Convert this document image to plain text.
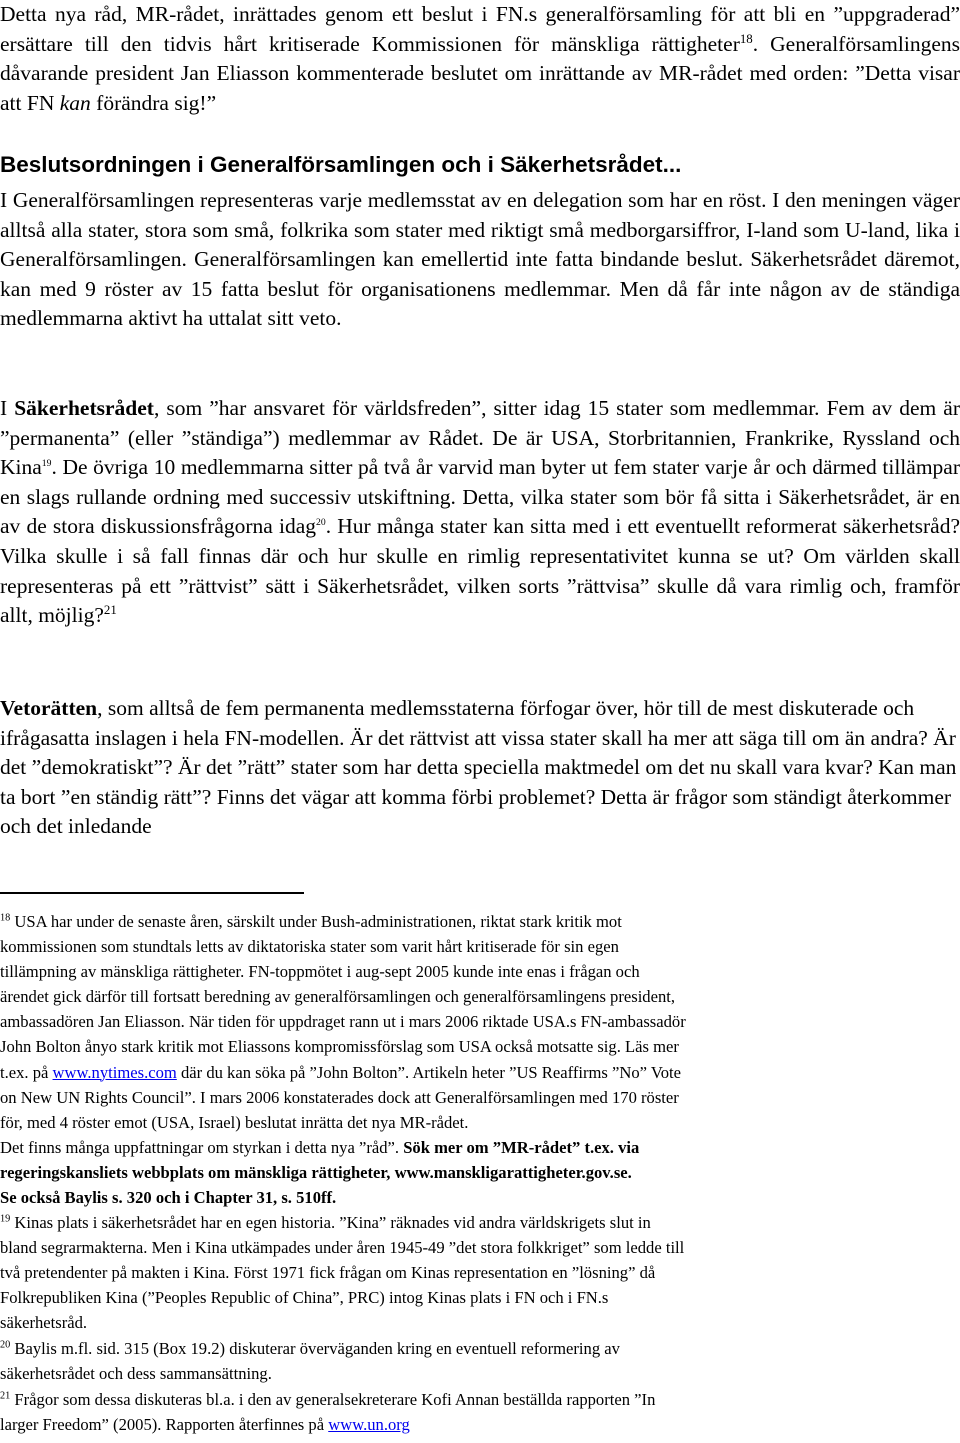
Detta nya råd, MR-rådet, inrättades genom ett beslut i FN.s generalförsamling för att bli en ”uppgraderad” ersättare till den tidvis hårt kritiserade Kommissionen för mänskliga rättigheter$^{18}$. Generalförsamlingens dåvarande president Jan Eliasson kommenterade beslutet om inrättande av MR-rådet med orden: ”Detta visar att FN kan förändra sig!”

Beslutsordningen i Generalförsamlingen och i Säkerhetsrådet...

I Generalförsamlingen representeras varje medlemsstat av en delegation som har en röst. I den meningen väger alltså alla stater, stora som små, folkrika som stater med riktigt små medborgarsiffror, I-land som U-land, lika i Generalförsamlingen. Generalförsamlingen kan emellertid inte fatta bindande beslut. Säkerhetsrådet däremot, kan med 9 röster av 15 fatta beslut för organisationens medlemmar. Men då får inte någon av de ständiga medlemmarna aktivt ha uttalat sitt veto.

I Säkerhetsrådet, som ”har ansvaret för världsfreden”, sitter idag 15 stater som medlemmar. Fem av dem är ”permanenta” (eller ”ständiga”) medlemmar av Rådet. De är USA, Storbritannien, Frankrike, Ryssland och Kina$^{19}$. De övriga 10 medlemmarna sitter på två år varvid man byter ut fem stater varje år och därmed tillämpar en slags rullande ordning med successiv utskiftning. Detta, vilka stater som bör få sitta i Säkerhetsrådet, är en av de stora diskussionsfrågorna idag$^{20}$. Hur många stater kan sitta med i ett eventuellt reformerat säkerhetsråd? Vilka skulle i så fall finnas där och hur skulle en rimlig representativitet kunna se ut? Om världen skall representeras på ett ”rättvist” sätt i Säkerhetsrådet, vilken sorts ”rättvisa” skulle då vara rimlig och, framför allt, möjlig?$^{21}$

Vetorätten, som alltså de fem permanenta medlemsstaterna förfogar över, hör till de mest diskuterade och ifrågasatta inslagen i hela FN-modellen. Är det rättvist att vissa stater skall ha mer att säga till om än andra? Är det ”demokratiskt”? Är det ”rätt” stater som har detta speciella maktmedel om det nu skall vara kvar? Kan man ta bort ”en ständig rätt”? Finns det vägar att komma förbi problemet? Detta är frågor som ständigt återkommer och det inledande

$^{18}$ USA har under de senaste åren, särskilt under Bush-administrationen, riktat stark kritik mot
kommissionen som stundtals letts av diktatoriska stater som varit hårt kritiserade för sin egen
tillämpning av mänskliga rättigheter. FN-toppmötet i aug-sept 2005 kunde inte enas i frågan och
ärendet gick därför till fortsatt beredning av generalförsamlingen och generalförsamlingens president,
ambassadören Jan Eliasson. När tiden för uppdraget rann ut i mars 2006 riktade USA.s FN-ambassadör
John Bolton ånyo stark kritik mot Eliassons kompromissförslag som USA också motsatte sig. Läs mer
t.ex. på www.nytimes.com där du kan söka på ”John Bolton”. Artikeln heter ”US Reaffirms ”No” Vote
on New UN Rights Council”. I mars 2006 konstaterades dock att Generalförsamlingen med 170 röster
för, med 4 röster emot (USA, Israel) beslutat inrätta det nya MR-rådet.
Det finns många uppfattningar om styrkan i detta nya ”råd”. Sök mer om ”MR-rådet” t.ex. via
regeringskansliets webbplats om mänskliga rättigheter, www.manskligarattigheter.gov.se.
Se också Baylis s. 320 och i Chapter 31, s. 510ff.
$^{19}$ Kinas plats i säkerhetsrådet har en egen historia. ”Kina” räknades vid andra världskrigets slut in
bland segrarmakterna. Men i Kina utkämpades under åren 1945-49 ”det stora folkkriget” som ledde till
två pretendenter på makten i Kina. Först 1971 fick frågan om Kinas representation en ”lösning” då
Folkrepubliken Kina (”Peoples Republic of China”, PRC) intog Kinas plats i FN och i FN.s
säkerhetsråd.
$^{20}$ Baylis m.fl. sid. 315 (Box 19.2) diskuterar överväganden kring en eventuell reformering av
säkerhetsrådet och dess sammansättning.
$^{21}$ Frågor som dessa diskuteras bl.a. i den av generalsekreterare Kofi Annan beställda rapporten ”In
larger Freedom” (2005). Rapporten återfinnes på www.un.org
